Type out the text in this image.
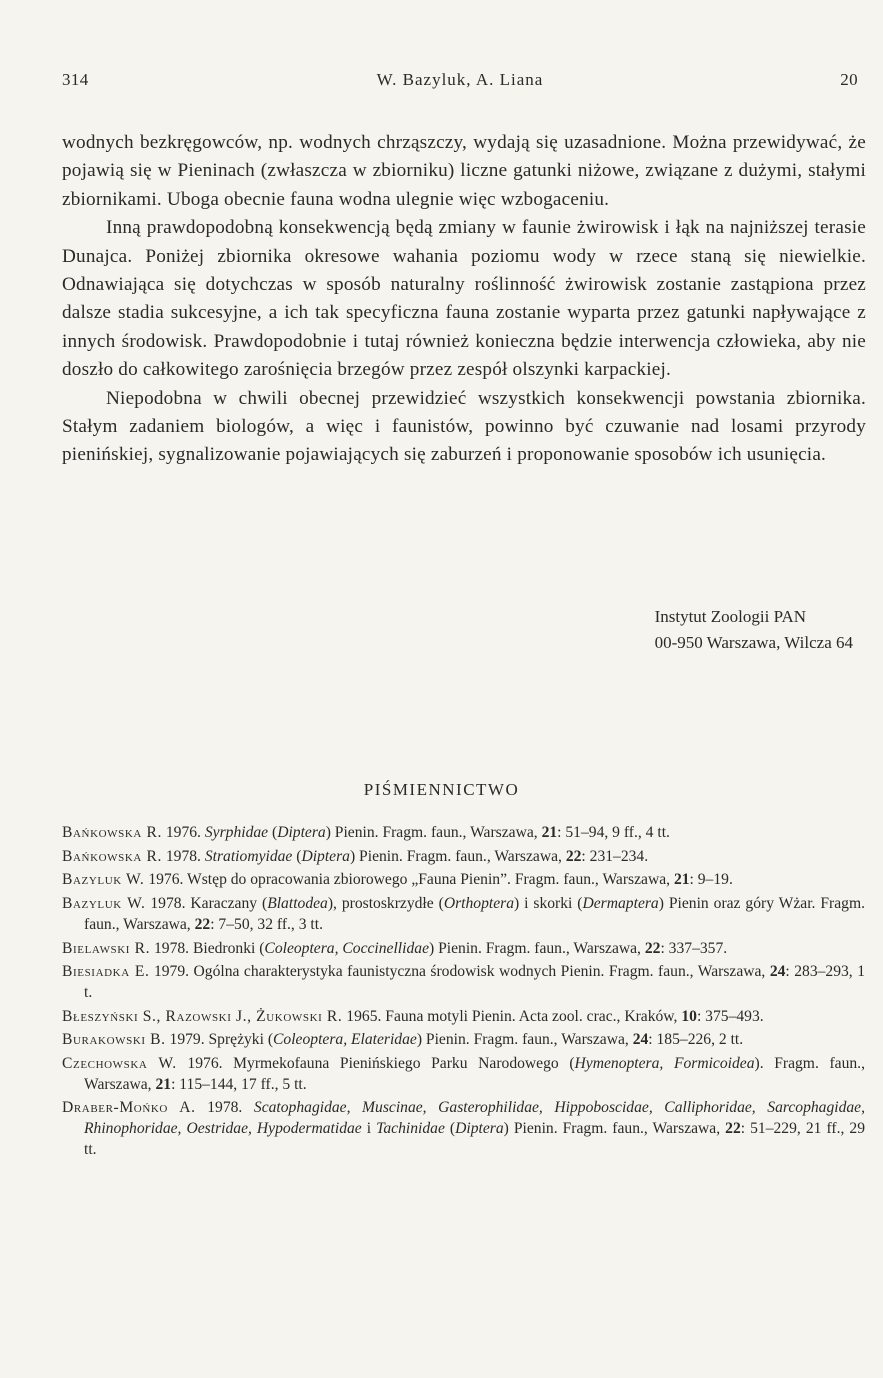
314	W. Bazyluk, A. Liana	20

wodnych bezkręgowców, np. wodnych chrząszczy, wydają się uzasadnione. Można przewidywać, że pojawią się w Pieninach (zwłaszcza w zbiorniku) liczne gatunki niżowe, związane z dużymi, stałymi zbiornikami. Uboga obecnie fauna wodna ulegnie więc wzbogaceniu.

Inną prawdopodobną konsekwencją będą zmiany w faunie żwirowisk i łąk na najniższej terasie Dunajca. Poniżej zbiornika okresowe wahania poziomu wody w rzece staną się niewielkie. Odnawiająca się dotychczas w sposób naturalny roślinność żwirowisk zostanie zastąpiona przez dalsze stadia sukcesyjne, a ich tak specyficzna fauna zostanie wyparta przez gatunki napływające z innych środowisk. Prawdopodobnie i tutaj również konieczna będzie interwencja człowieka, aby nie doszło do całkowitego zarośnięcia brzegów przez zespół olszynki karpackiej.

Niepodobna w chwili obecnej przewidzieć wszystkich konsekwencji powstania zbiornika. Stałym zadaniem biologów, a więc i faunistów, powinno być czuwanie nad losami przyrody pienińskiej, sygnalizowanie pojawiających się zaburzeń i proponowanie sposobów ich usunięcia.

Instytut Zoologii PAN
00-950 Warszawa, Wilcza 64
PIŚMIENNICTWO

Bańkowska R. 1976. Syrphidae (Diptera) Pienin. Fragm. faun., Warszawa, 21: 51–94, 9 ff., 4 tt.

Bańkowska R. 1978. Stratiomyidae (Diptera) Pienin. Fragm. faun., Warszawa, 22: 231–234.

Bazyluk W. 1976. Wstęp do opracowania zbiorowego „Fauna Pienin”. Fragm. faun., Warszawa, 21: 9–19.

Bazyluk W. 1978. Karaczany (Blattodea), prostoskrzydłe (Orthoptera) i skorki (Dermaptera) Pienin oraz góry Wżar. Fragm. faun., Warszawa, 22: 7–50, 32 ff., 3 tt.

Bielawski R. 1978. Biedronki (Coleoptera, Coccinellidae) Pienin. Fragm. faun., Warszawa, 22: 337–357.

Biesiadka E. 1979. Ogólna charakterystyka faunistyczna środowisk wodnych Pienin. Fragm. faun., Warszawa, 24: 283–293, 1 t.

Błeszyński S., Razowski J., Żukowski R. 1965. Fauna motyli Pienin. Acta zool. crac., Kraków, 10: 375–493.

Burakowski B. 1979. Sprężyki (Coleoptera, Elateridae) Pienin. Fragm. faun., Warszawa, 24: 185–226, 2 tt.

Czechowska W. 1976. Myrmekofauna Pienińskiego Parku Narodowego (Hymenoptera, Formicoidea). Fragm. faun., Warszawa, 21: 115–144, 17 ff., 5 tt.

Draber-Mońko A. 1978. Scatophagidae, Muscinae, Gasterophilidae, Hippoboscidae, Calliphoridae, Sarcophagidae, Rhinophoridae, Oestridae, Hypodermatidae i Tachinidae (Diptera) Pienin. Fragm. faun., Warszawa, 22: 51–229, 21 ff., 29 tt.
